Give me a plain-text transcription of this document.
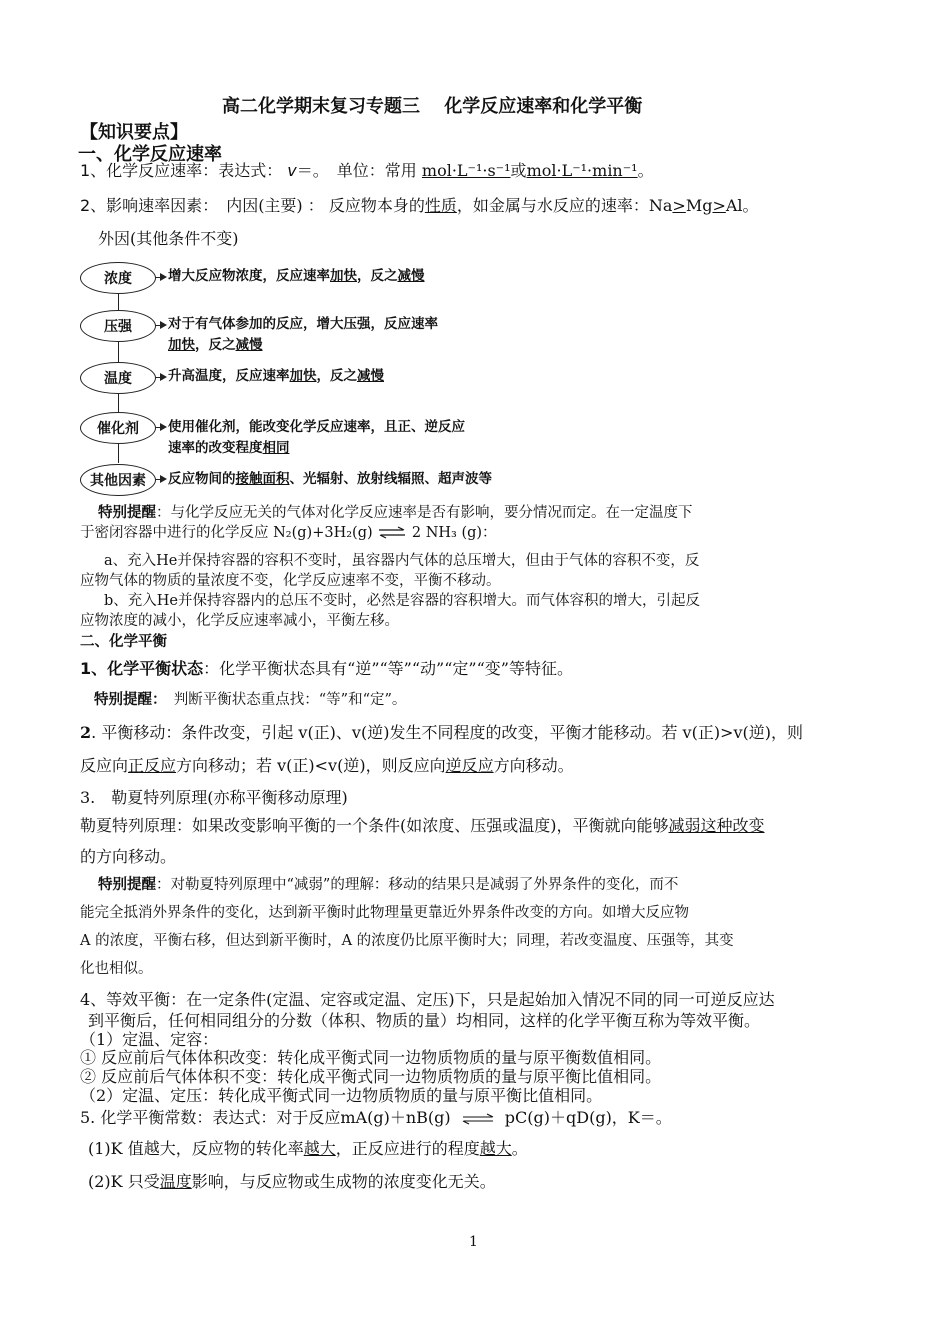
高二化学期末复习专题三　 化学反应速率和化学平衡
【知识要点】
一、化学反应速率
1、化学反应速率：表达式： v＝。　单位：常用 mol·L⁻¹·s⁻¹或mol·L⁻¹·min⁻¹。
2、影响速率因素：　内因(主要) ： 反应物本身的性质，如金属与水反应的速率：Na>Mg>Al。
外因(其他条件不变)
浓度	增大反应物浓度，反应速率加快，反之减慢
压强	对于有气体参加的反应，增大压强，反应速率
加快，反之减慢
温度	升高温度，反应速率加快，反之减慢
催化剂	使用催化剂，能改变化学反应速率，且正、逆反应
速率的改变程度相同
其他因素	反应物间的接触面积、光辐射、放射线辐照、超声波等
特别提醒：与化学反应无关的气体对化学反应速率是否有影响，要分情况而定。在一定温度下
于密闭容器中进行的化学反应 N₂(g)+3H₂(g) ⇌ 2 NH₃ (g)：
a、充入He并保持容器的容积不变时，虽容器内气体的总压增大，但由于气体的容积不变，反
应物气体的物质的量浓度不变，化学反应速率不变，平衡不移动。
b、充入He并保持容器内的总压不变时，必然是容器的容积增大。而气体容积的增大，引起反
应物浓度的减小，化学反应速率减小，平衡左移。
二、化学平衡
1、化学平衡状态：化学平衡状态具有“逆”“等”“动”“定”“变”等特征。
特别提醒：　判断平衡状态重点找：“等”和“定”。
2. 平衡移动：条件改变，引起 v(正)、v(逆)发生不同程度的改变，平衡才能移动。若 v(正)>v(逆)，则
反应向正反应方向移动；若 v(正)<v(逆)，则反应向逆反应方向移动。
3.　勒夏特列原理(亦称平衡移动原理)
勒夏特列原理：如果改变影响平衡的一个条件(如浓度、压强或温度)，平衡就向能够减弱这种改变
的方向移动。
特别提醒：对勒夏特列原理中“减弱”的理解：移动的结果只是减弱了外界条件的变化，而不
能完全抵消外界条件的变化，达到新平衡时此物理量更靠近外界条件改变的方向。如增大反应物
A 的浓度，平衡右移，但达到新平衡时，A 的浓度仍比原平衡时大；同理，若改变温度、压强等，其变
化也相似。
4、等效平衡：在一定条件(定温、定容或定温、定压)下，只是起始加入情况不同的同一可逆反应达
到平衡后，任何相同组分的分数（体积、物质的量）均相同，这样的化学平衡互称为等效平衡。
（1）定温、定容：
① 反应前后气体体积改变：转化成平衡式同一边物质物质的量与原平衡数值相同。
② 反应前后气体体积不变：转化成平衡式同一边物质物质的量与原平衡比值相同。
（2）定温、定压：转化成平衡式同一边物质物质的量与原平衡比值相同。
5. 化学平衡常数：表达式：对于反应mA(g)＋nB(g) ⇌ pC(g)＋qD(g)，K＝。
(1)K 值越大，反应物的转化率越大，正反应进行的程度越大。
(2)K 只受温度影响，与反应物或生成物的浓度变化无关。
1
